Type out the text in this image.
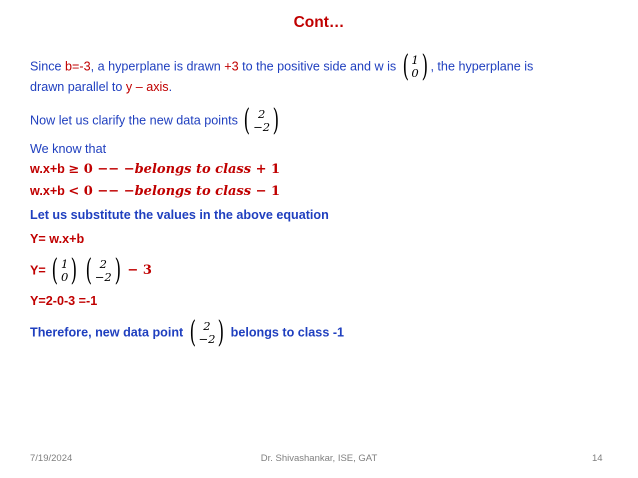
Cont…
Since b=-3, a hyperplane is drawn +3 to the positive side and w is ( 1
0 ) , the hyperplane is
drawn parallel to y – axis.
Now let us clarify the new data points ( 2
−2 )
We know that
w.x+b ≥ 0 −− −belongs to class + 1
w.x+b < 0 −− −belongs to class − 1
Let us substitute the values in the above equation
Y= w.x+b
Y= ( 1
0 ) ( 2
−2 ) − 3
Y=2-0-3 =-1
Therefore, new data point ( 2
−2 ) belongs to class -1
7/19/2024	Dr. Shivashankar, ISE, GAT	14
